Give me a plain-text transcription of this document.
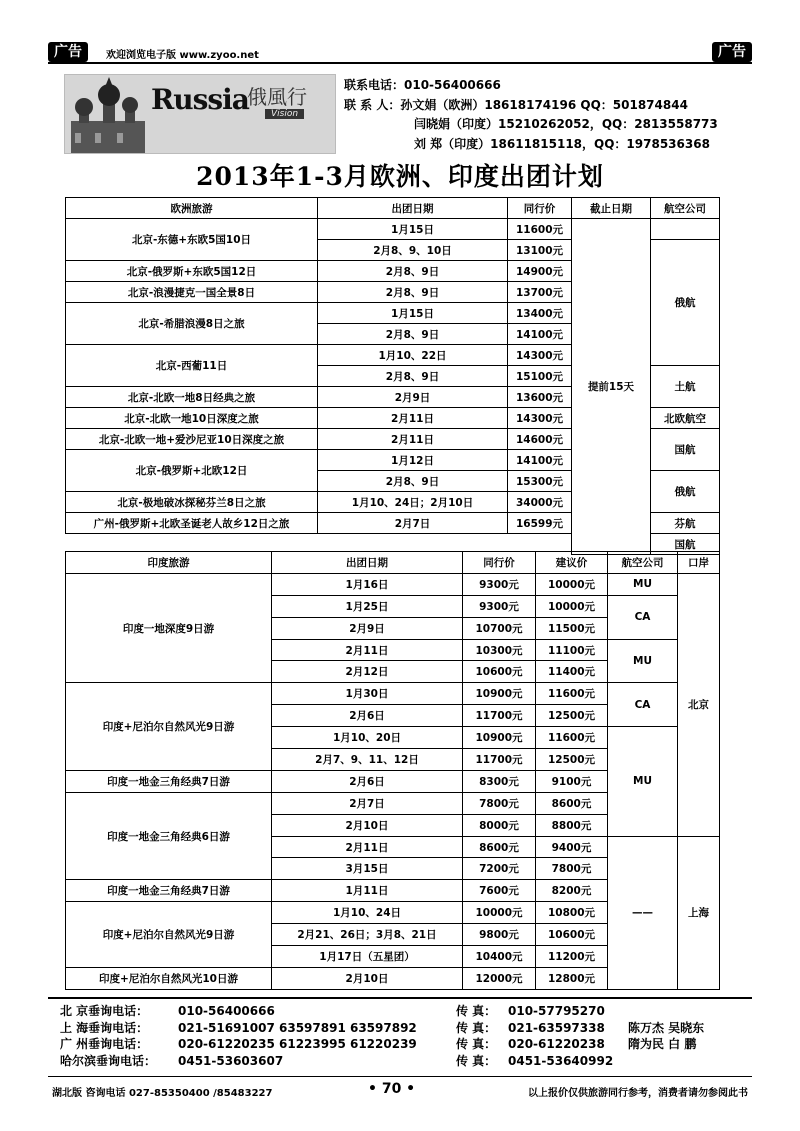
广告	欢迎浏览电子版 www.zyoo.net	广告
Russia
俄風行
Vision
联系电话：010-56400666
联 系 人：孙文娟（欧洲）18618174196 QQ：501874844
闫晓娟（印度）15210262052，QQ：2813558773
刘 郑（印度）18611815118，QQ：1978536368
2013年1-3月欧洲、印度出团计划
欧洲旅游	出团日期	同行价	截止日期	航空公司
北京-东德+东欧5国10日	1月15日	11600元	提前15天	
	2月8、9、10日	13100元		俄航
北京-俄罗斯+东欧5国12日	2月8、9日	14900元		
北京-浪漫捷克一国全景8日	2月8、9日	13700元		
北京-希腊浪漫8日之旅	1月15日	13400元		
	2月8、9日	14100元		
北京-西葡11日	1月10、22日	14300元		
	2月8、9日	15100元		土航
北京-北欧一地8日经典之旅	2月9日	13600元		
北京-北欧一地10日深度之旅	2月11日	14300元		北欧航空
北京-北欧一地+爱沙尼亚10日深度之旅	2月11日	14600元		国航
北京-俄罗斯+北欧12日	1月12日	14100元		
	2月8、9日	15300元		俄航
北京-极地破冰探秘芬兰8日之旅	1月10、24日；2月10日	34000元		
广州-俄罗斯+北欧圣诞老人故乡12日之旅	2月7日	16599元		芬航
				国航
印度旅游	出团日期	同行价	建议价	航空公司	口岸
印度一地深度9日游	1月16日	9300元	10000元	MU	北京
	1月25日	9300元	10000元	CA	
	2月9日	10700元	11500元		
	2月11日	10300元	11100元	MU	
	2月12日	10600元	11400元		
印度+尼泊尔自然风光9日游	1月30日	10900元	11600元	CA	
	2月6日	11700元	12500元		
	1月10、20日	10900元	11600元	MU	
	2月7、9、11、12日	11700元	12500元		
印度一地金三角经典7日游	2月6日	8300元	9100元		
印度一地金三角经典6日游	2月7日	7800元	8600元		
	2月10日	8000元	8800元		
	2月11日	8600元	9400元	——	上海
	3月15日	7200元	7800元		
印度一地金三角经典7日游	1月11日	7600元	8200元		
印度+尼泊尔自然风光9日游	1月10、24日	10000元	10800元		
	2月21、26日；3月8、21日	9800元	10600元		
	1月17日（五星团）	10400元	11200元		
印度+尼泊尔自然风光10日游	2月10日	12000元	12800元		
北 京垂询电话： 010-56400666	传 真： 010-57795270
上 海垂询电话： 021-51691007 63597891 63597892	传 真： 021-63597338 陈万杰 吴晓东
广 州垂询电话： 020-61220235 61223995 61220239	传 真： 020-61220238 隋为民 白 鹏
哈尔滨垂询电话： 0451-53603607	传 真： 0451-53640992
湖北版 咨询电话 027-85350400 /85483227	• 70 •	以上报价仅供旅游同行参考，消费者请勿参阅此书
